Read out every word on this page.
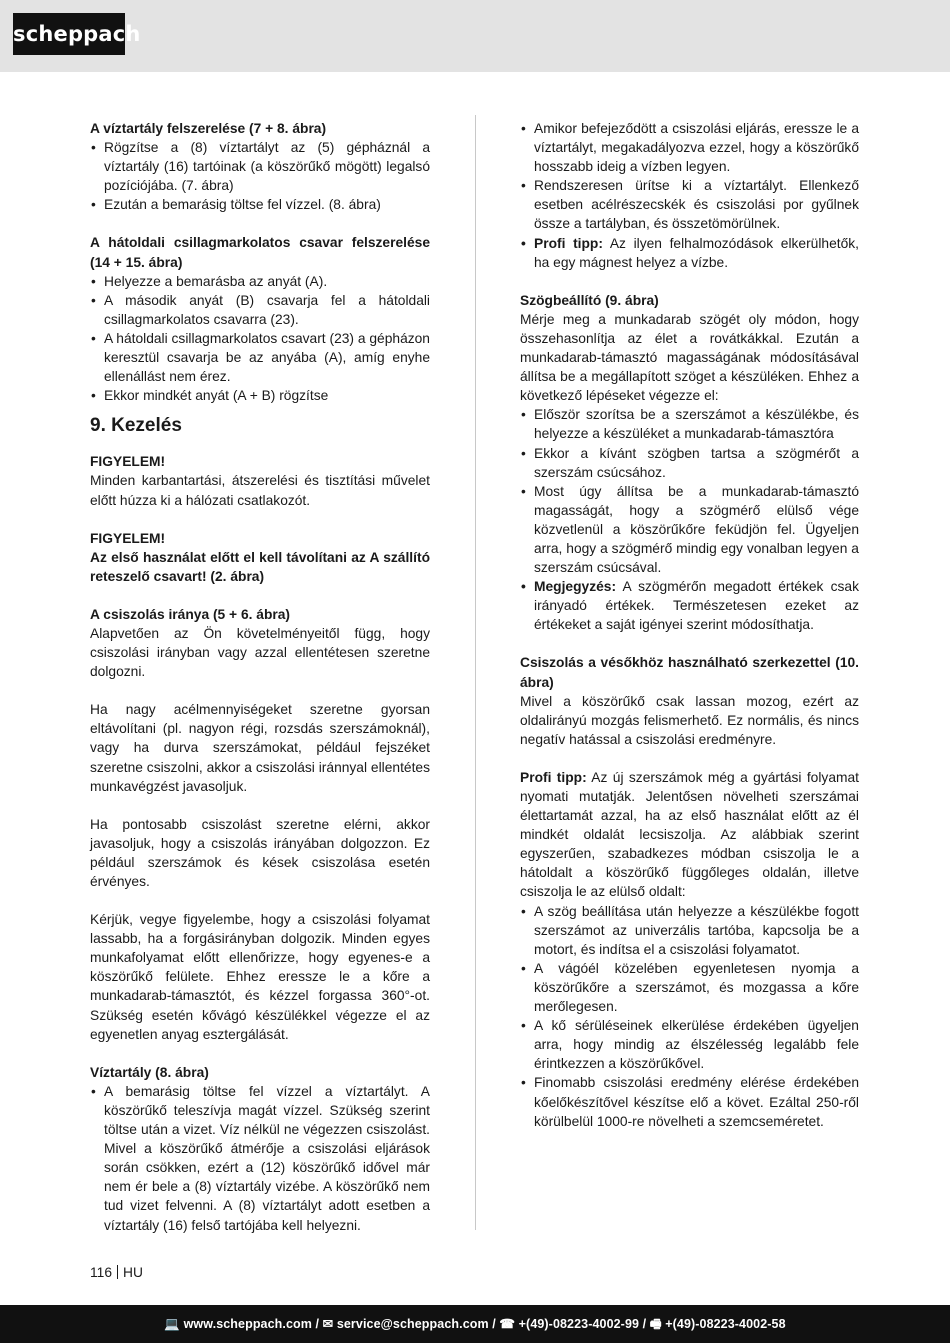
scheppach
A víztartály felszerelése (7 + 8. ábra)
• Rögzítse a (8) víztartályt az (5) gépháznál a víztartály (16) tartóinak (a köszörűkő mögött) legalsó pozíciójába. (7. ábra)
• Ezután a bemarásig töltse fel vízzel. (8. ábra)
A hátoldali csillagmarkolatos csavar felszerelése (14 + 15. ábra)
• Helyezze a bemarásba az anyát (A).
• A második anyát (B) csavarja fel a hátoldali csillagmarkolatos csavarra (23).
• A hátoldali csillagmarkolatos csavart (23) a gépházon keresztül csavarja be az anyába (A), amíg enyhe ellenállást nem érez.
• Ekkor mindkét anyát (A + B) rögzítse
9. Kezelés
FIGYELEM!
Minden karbantartási, átszerelési és tisztítási művelet előtt húzza ki a hálózati csatlakozót.
FIGYELEM!
Az első használat előtt el kell távolítani az A szállító reteszelő csavart! (2. ábra)
A csiszolás iránya (5 + 6. ábra)
Alapvetően az Ön követelményeitől függ, hogy csiszolási irányban vagy azzal ellentétesen szeretne dolgozni.
Ha nagy acélmennyiségeket szeretne gyorsan eltávolítani (pl. nagyon régi, rozsdás szerszámoknál), vagy ha durva szerszámokat, például fejszéket szeretne csiszolni, akkor a csiszolási iránnyal ellentétes munkavégzést javasoljuk.
Ha pontosabb csiszolást szeretne elérni, akkor javasoljuk, hogy a csiszolás irányában dolgozzon. Ez például szerszámok és kések csiszolása esetén érvényes.
Kérjük, vegye figyelembe, hogy a csiszolási folyamat lassabb, ha a forgásirányban dolgozik. Minden egyes munkafolyamat előtt ellenőrizze, hogy egyenes-e a köszörűkő felülete. Ehhez eressze le a kőre a munkadarab-támasztót, és kézzel forgassa 360°-ot. Szükség esetén kővágó készülékkel végezze el az egyenetlen anyag esztergálását.
Víztartály (8. ábra)
• A bemarásig töltse fel vízzel a víztartályt. A köszörűkő teleszívja magát vízzel. Szükség szerint töltse után a vizet. Víz nélkül ne végezzen csiszolást. Mivel a köszörűkő átmérője a csiszolási eljárások során csökken, ezért a (12) köszörűkő idővel már nem ér bele a (8) víztartály vizébe. A köszörűkő nem tud vizet felvenni. A (8) víztartályt adott esetben a víztartály (16) felső tartójába kell helyezni.
• Amikor befejeződött a csiszolási eljárás, eressze le a víztartályt, megakadályozva ezzel, hogy a köszörűkő hosszabb ideig a vízben legyen.
• Rendszeresen ürítse ki a víztartályt. Ellenkező esetben acélrészecskék és csiszolási por gyűlnek össze a tartályban, és összetömörülnek.
• Profi tipp: Az ilyen felhalmozódások elkerülhetők, ha egy mágnest helyez a vízbe.
Szögbeállító (9. ábra)
Mérje meg a munkadarab szögét oly módon, hogy összehasonlítja az élet a rovátkákkal. Ezután a munkadarab-támasztó magasságának módosításával állítsa be a megállapított szöget a készüléken. Ehhez a következő lépéseket végezze el:
• Először szorítsa be a szerszámot a készülékbe, és helyezze a készüléket a munkadarab-támasztóra
• Ekkor a kívánt szögben tartsa a szögmérőt a szerszám csúcsához.
• Most úgy állítsa be a munkadarab-támasztó magasságát, hogy a szögmérő elülső vége közvetlenül a köszörűkőre feküdjön fel. Ügyeljen arra, hogy a szögmérő mindig egy vonalban legyen a szerszám csúcsával.
• Megjegyzés: A szögmérőn megadott értékek csak irányadó értékek. Természetesen ezeket az értékeket a saját igényei szerint módosíthatja.
Csiszolás a vésőkhöz használható szerkezettel (10. ábra)
Mivel a köszörűkő csak lassan mozog, ezért az oldalirányú mozgás felismerhető. Ez normális, és nincs negatív hatással a csiszolási eredményre.
Profi tipp: Az új szerszámok még a gyártási folyamat nyomati mutatják. Jelentősen növelheti szerszámai élettartamát azzal, ha az első használat előtt az él mindkét oldalát lecsiszolja. Az alábbiak szerint egyszerűen, szabadkezes módban csiszolja le a hátoldalt a köszörűkő függőleges oldalán, illetve csiszolja le az elülső oldalt:
• A szög beállítása után helyezze a készülékbe fogott szerszámot az univerzális tartóba, kapcsolja be a motort, és indítsa el a csiszolási folyamatot.
• A vágóél közelében egyenletesen nyomja a köszörűkőre a szerszámot, és mozgassa a kőre merőlegesen.
• A kő sérüléseinek elkerülése érdekében ügyeljen arra, hogy mindig az élszélesség legalább fele érintkezzen a köszörűkővel.
• Finomabb csiszolási eredmény elérése érdekében kőelőkészítővel készítse elő a követ. Ezáltal 250-ről körülbelül 1000-re növelheti a szemcseméretet.
116 HU
💻 www.scheppach.com / ✉ service@scheppach.com / ☎ +(49)-08223-4002-99 / 🖷 +(49)-08223-4002-58
